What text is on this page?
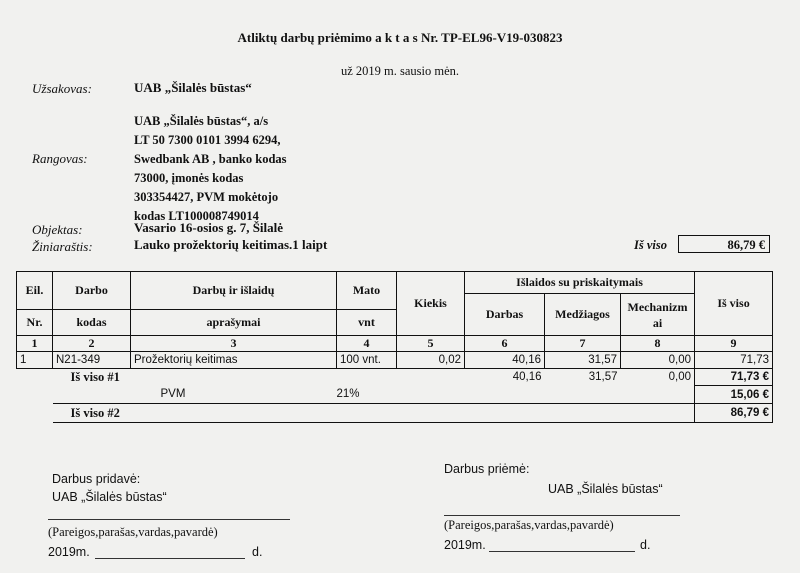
Atliktų darbų priėmimo a k t a s Nr. TP-EL96-V19-030823
už 2019 m. sausio mėn.
Užsakovas:	UAB „Šilalės būstas“
Rangovas:
UAB „Šilalės būstas“, a/s
LT 50 7300 0101 3994 6294,
Swedbank AB , banko kodas
73000, įmonės kodas
303354427, PVM mokėtojo
kodas LT100008749014
Objektas:	Vasario 16-osios g. 7, Šilalė
Žiniaraštis:	Lauko prožektorių keitimas.1 laipt	Iš viso	86,79 €
Eil.	Darbo	Darbų ir išlaidų	Mato	Kiekis	Išlaidos su priskaitymais			Iš viso
					Darbas	Medžiagos	Mechanizm
ai	

Nr.	kodas	aprašymai	vnt					
1	2	3	4	5	6	7	8	9
1	N21-349	Prožektorių keitimas	100 vnt.	0,02	40,16	31,57	0,00	71,73
	Iš viso #1				40,16	31,57	0,00	71,73 €
		PVM	21%					15,06 €
	Iš viso #2							86,79 €
Darbus pridavė:
UAB „Šilalės būstas“
(Pareigos,parašas,vardas,pavardė)
2019m.	d.
Darbus priėmė:
UAB „Šilalės būstas“
(Pareigos,parašas,vardas,pavardė)
2019m.	d.
